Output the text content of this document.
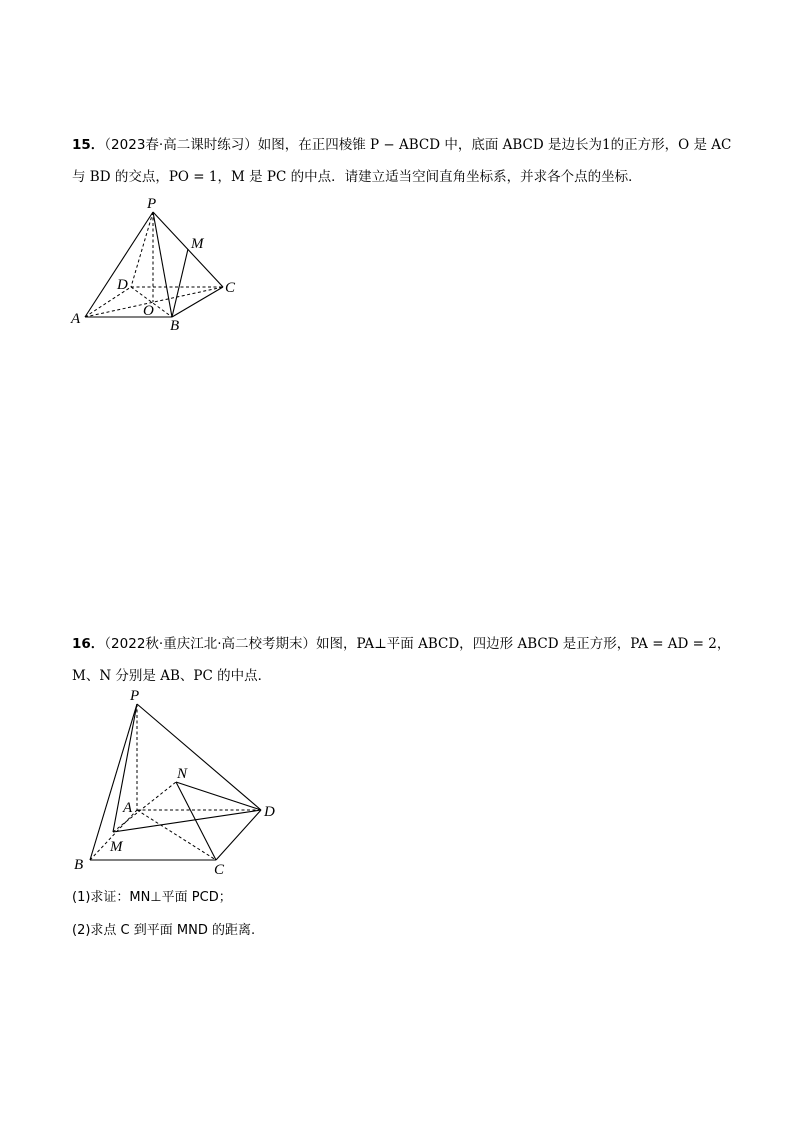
15．（2023春·高二课时练习）如图，在正四棱锥 P − ABCD 中，底面 ABCD 是边长为1的正方形，O 是 AC
与 BD 的交点，PO = 1，M 是 PC 的中点．请建立适当空间直角坐标系，并求各个点的坐标．
P
M
D	C
A	O
B
16．（2022秋·重庆江北·高二校考期末）如图，PA⊥平面 ABCD，四边形 ABCD 是正方形，PA = AD = 2，
M、N 分别是 AB、PC 的中点．
P
N
A	D
M
B	C
(1)求证：MN⊥平面 PCD；
(2)求点 C 到平面 MND 的距离.
